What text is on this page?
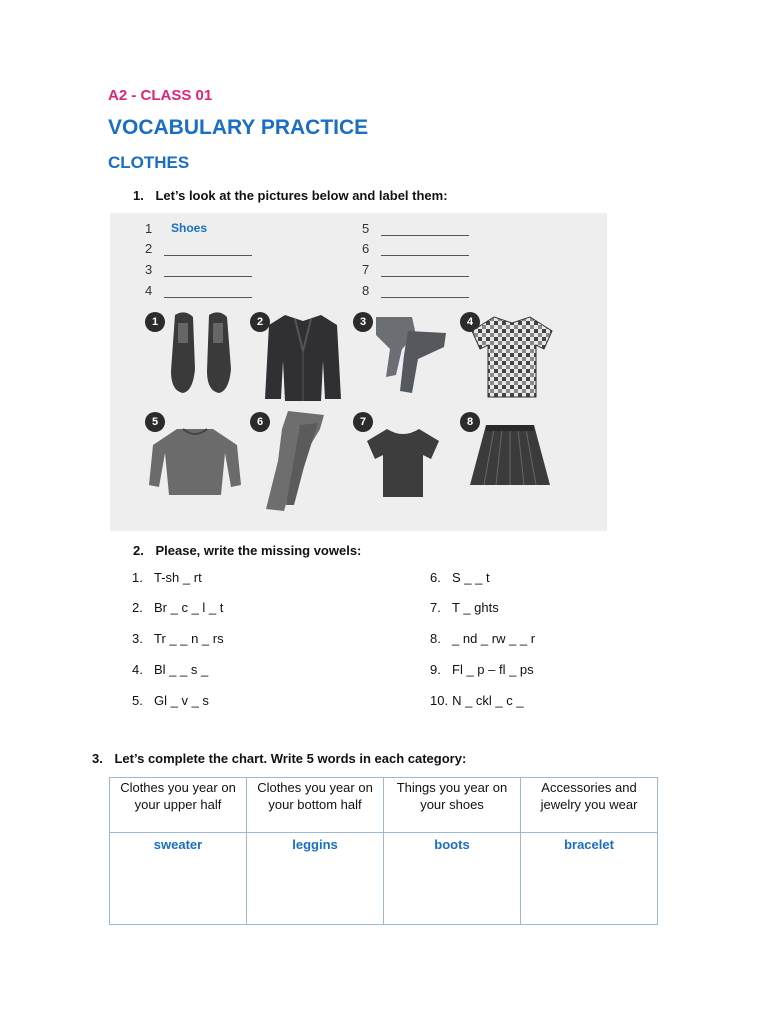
A2 - CLASS 01
VOCABULARY PRACTICE
CLOTHES
1. Let’s look at the pictures below and label them:
1 Shoes
2
3
4
5
6
7
8
1	2	3	4
5	6	7	8
2. Please, write the missing vowels:
1. T-sh _ rt
2. Br _ c _ l _ t
3. Tr _ _ n _ rs
4. Bl _ _ s _
5. Gl _ v _ s
6. S _ _ t
7. T _ ghts
8. _ nd _ rw _ _ r
9. Fl _ p – fl _ ps
10. N _ ckl _ c _
3. Let’s complete the chart. Write 5 words in each category:
Clothes you year on your upper half	Clothes you year on your bottom half	Things you year on your shoes	Accessories and jewelry you wear
sweater	leggins	boots	bracelet
